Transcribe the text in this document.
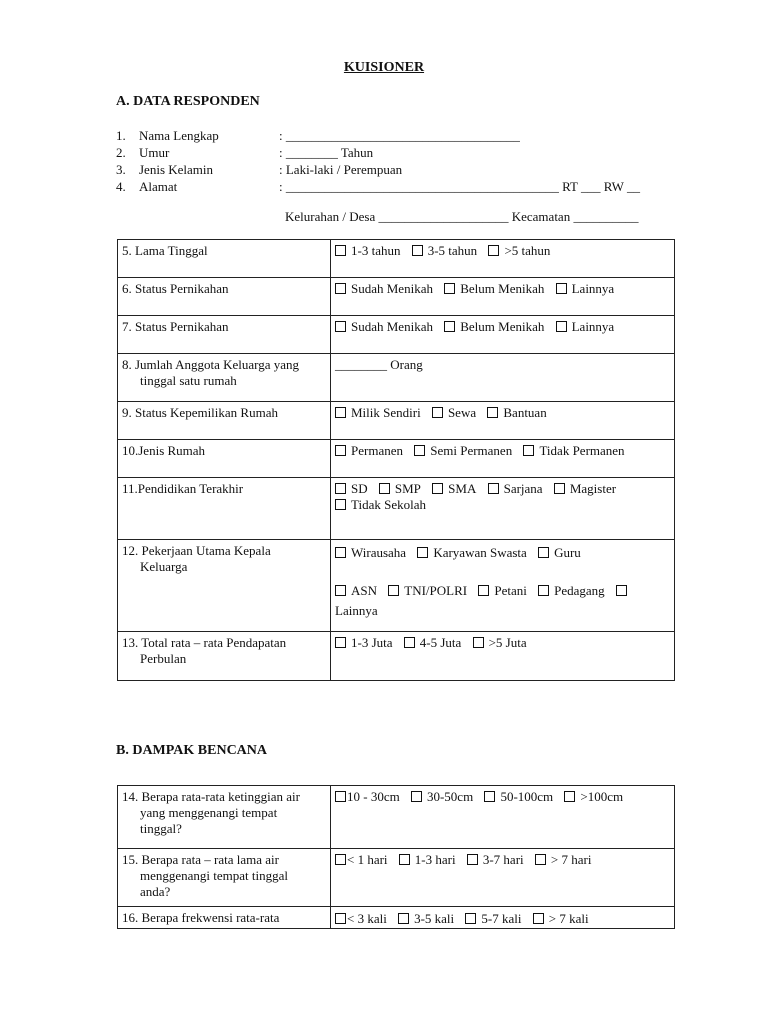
KUISIONER
A. DATA RESPONDEN
1. Nama Lengkap	: ____________________________________
2. Umur	: ________ Tahun
3. Jenis Kelamin	: Laki-laki / Perempuan
4. Alamat	: __________________________________________ RT ___ RW __
Kelurahan / Desa ____________________ Kecamatan __________
5. Lama Tinggal	1-3 tahun 3-5 tahun >5 tahun
6. Status Pernikahan	Sudah Menikah Belum Menikah Lainnya
7. Status Pernikahan	Sudah Menikah Belum Menikah Lainnya
8. Jumlah Anggota Keluarga yang
tinggal satu rumah	________ Orang
9. Status Kepemilikan Rumah	Milik Sendiri Sewa Bantuan
10.Jenis Rumah	Permanen Semi Permanen Tidak Permanen
11.Pendidikan Terakhir	SD SMP SMA Sarjana Magister
Tidak Sekolah
12. Pekerjaan Utama Kepala
Keluarga	Wirausaha Karyawan Swasta Guru
ASN TNI/POLRI Petani Pedagang
Lainnya
13. Total rata – rata Pendapatan
Perbulan	1-3 Juta 4-5 Juta >5 Juta
B. DAMPAK BENCANA
14. Berapa rata-rata ketinggian air
yang menggenangi tempat
tinggal?	10 - 30cm 30-50cm 50-100cm >100cm
15. Berapa rata – rata lama air
menggenangi tempat tinggal
anda?	< 1 hari 1-3 hari 3-7 hari > 7 hari
16. Berapa frekwensi rata-rata	< 3 kali 3-5 kali 5-7 kali > 7 kali
